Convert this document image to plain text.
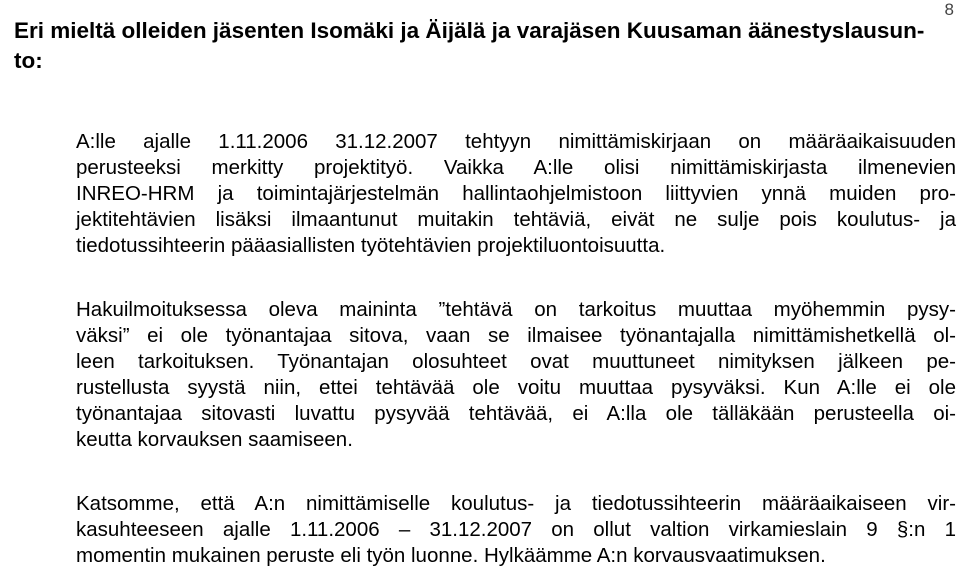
8
Eri mieltä olleiden jäsenten Isomäki ja Äijälä ja varajäsen Kuusaman äänestyslausun-
to:

A:lle ajalle 1.11.2006 31.12.2007 tehtyyn nimittämiskirjaan on määräaikaisuuden
perusteeksi merkitty projektityö. Vaikka A:lle olisi nimittämiskirjasta ilmenevien
INREO-HRM ja toimintajärjestelmän hallintaohjelmistoon liittyvien ynnä muiden pro-
jektitehtävien lisäksi ilmaantunut muitakin tehtäviä, eivät ne sulje pois koulutus- ja
tiedotussihteerin pääasiallisten työtehtävien projektiluontoisuutta.

Hakuilmoituksessa oleva maininta ”tehtävä on tarkoitus muuttaa myöhemmin pysy-
väksi” ei ole työnantajaa sitova, vaan se ilmaisee työnantajalla nimittämishetkellä ol-
leen tarkoituksen. Työnantajan olosuhteet ovat muuttuneet nimityksen jälkeen pe-
rustellusta syystä niin, ettei tehtävää ole voitu muuttaa pysyväksi. Kun A:lle ei ole
työnantajaa sitovasti luvattu pysyvää tehtävää, ei A:lla ole tälläkään perusteella oi-
keutta korvauksen saamiseen.

Katsomme, että A:n nimittämiselle koulutus- ja tiedotussihteerin määräaikaiseen vir-
kasuhteeseen ajalle 1.11.2006 – 31.12.2007 on ollut valtion virkamieslain 9 §:n 1
momentin mukainen peruste eli työn luonne. Hylkäämme A:n korvausvaatimuksen.
